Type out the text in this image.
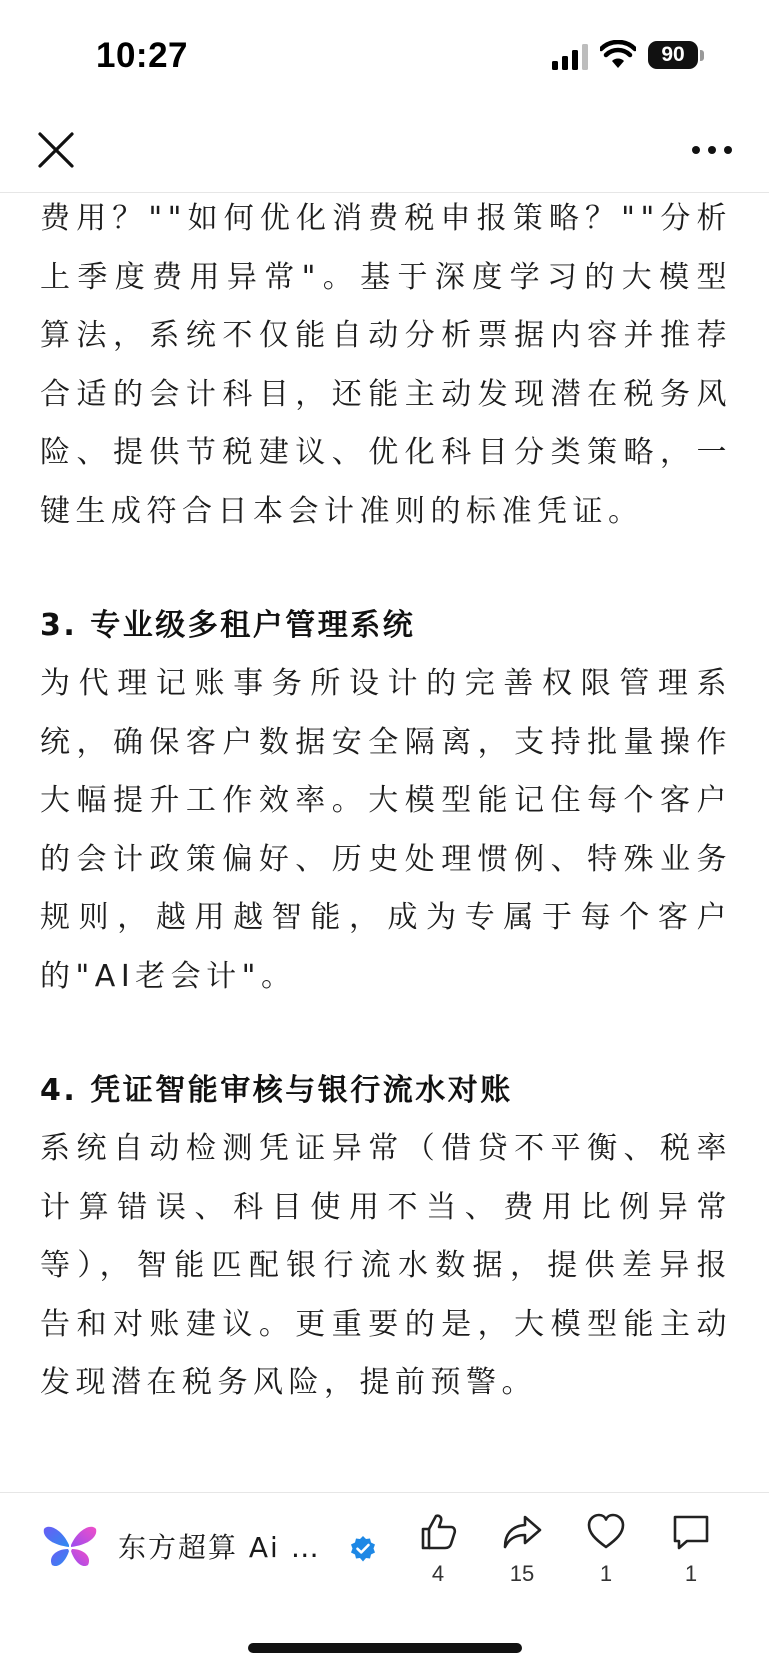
10:27	90

费用？""如何优化消费税申报策略？""分析上季度费用异常"。基于深度学习的大模型算法，系统不仅能自动分析票据内容并推荐合适的会计科目，还能主动发现潜在税务风险、提供节税建议、优化科目分类策略，一键生成符合日本会计准则的标准凭证。

3. 专业级多租户管理系统

为代理记账事务所设计的完善权限管理系统，确保客户数据安全隔离，支持批量操作大幅提升工作效率。大模型能记住每个客户的会计政策偏好、历史处理惯例、特殊业务规则，越用越智能，成为专属于每个客户的"AI老会计"。

4. 凭证智能审核与银行流水对账

系统自动检测凭证异常（借贷不平衡、税率计算错误、科目使用不当、费用比例异常等），智能匹配银行流水数据，提供差异报告和对账建议。更重要的是，大模型能主动发现潜在税务风险，提前预警。

东方超算 Ai …
4	15	1	1
